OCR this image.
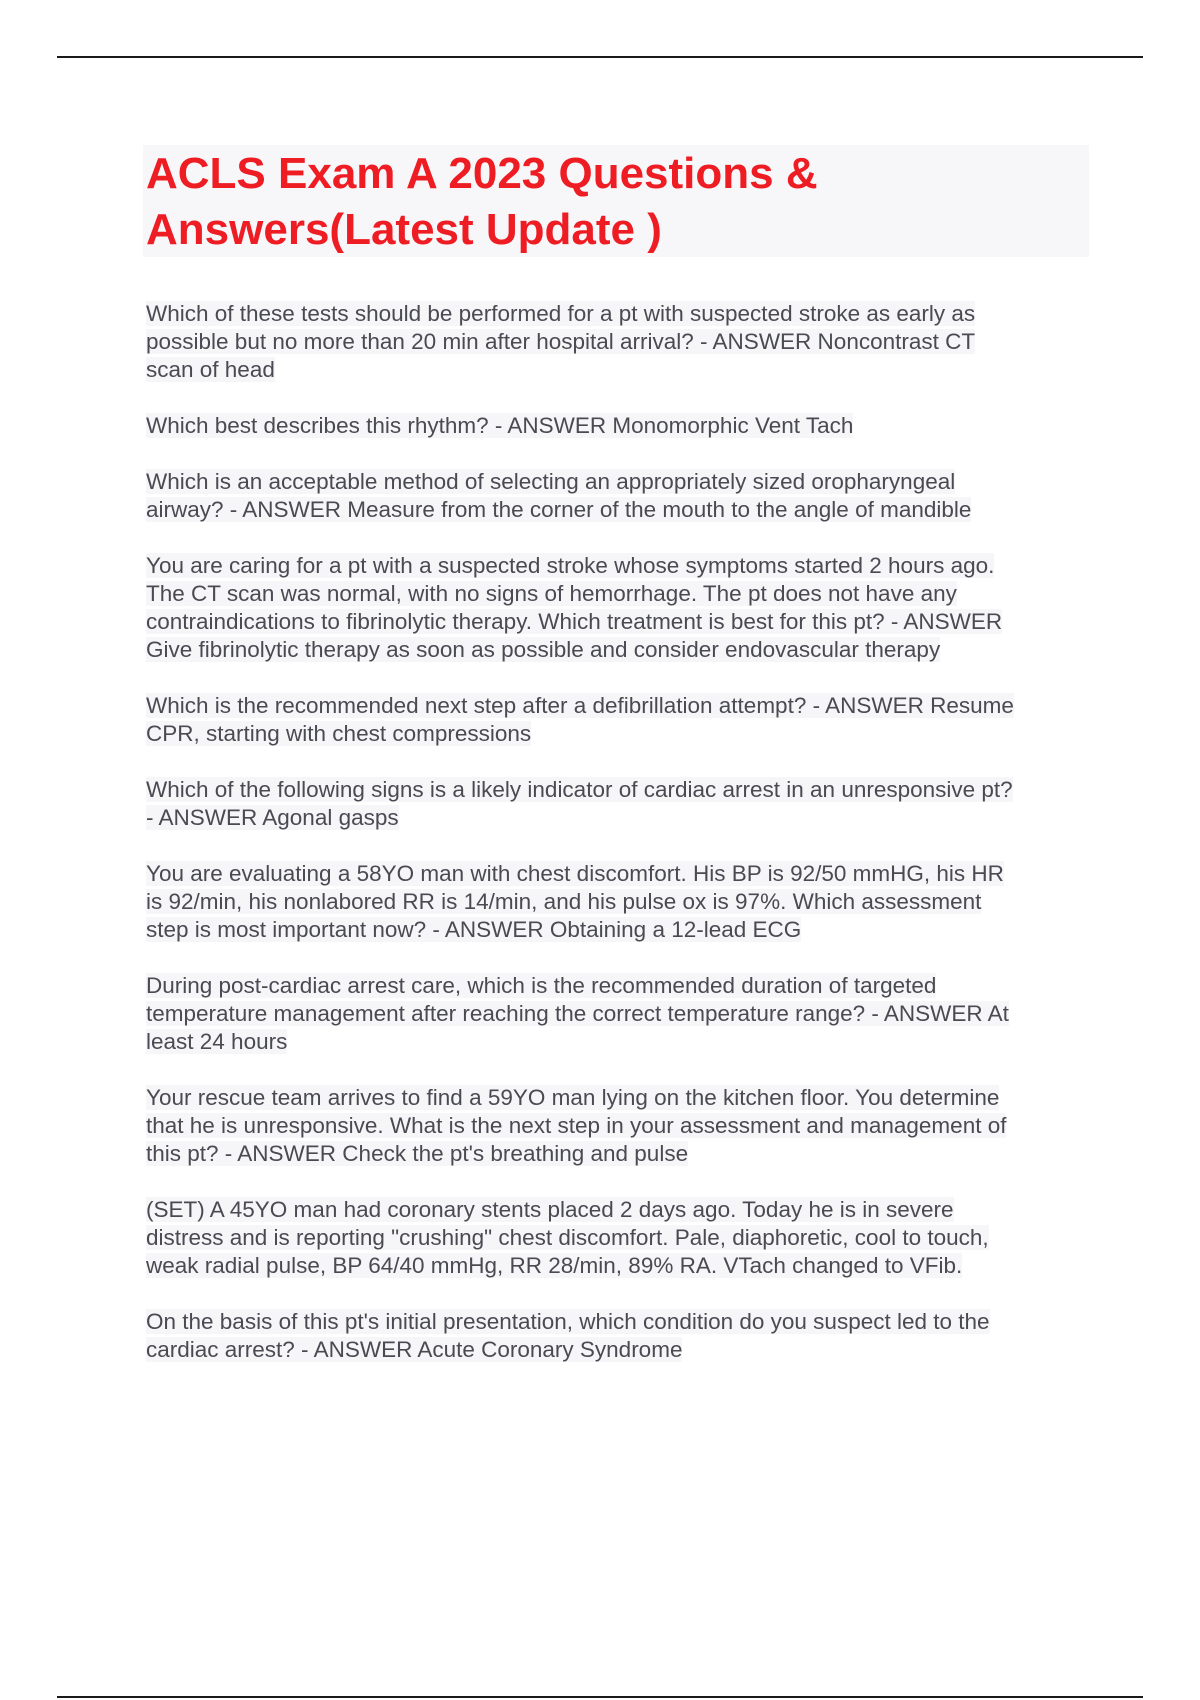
ACLS Exam A 2023 Questions &
Answers(Latest Update )

Which of these tests should be performed for a pt with suspected stroke as early as
possible but no more than 20 min after hospital arrival? - ANSWER Noncontrast CT
scan of head

Which best describes this rhythm? - ANSWER Monomorphic Vent Tach

Which is an acceptable method of selecting an appropriately sized oropharyngeal
airway? - ANSWER Measure from the corner of the mouth to the angle of mandible

You are caring for a pt with a suspected stroke whose symptoms started 2 hours ago.
The CT scan was normal, with no signs of hemorrhage. The pt does not have any
contraindications to fibrinolytic therapy. Which treatment is best for this pt? - ANSWER
Give fibrinolytic therapy as soon as possible and consider endovascular therapy

Which is the recommended next step after a defibrillation attempt? - ANSWER Resume
CPR, starting with chest compressions

Which of the following signs is a likely indicator of cardiac arrest in an unresponsive pt?
- ANSWER Agonal gasps

You are evaluating a 58YO man with chest discomfort. His BP is 92/50 mmHG, his HR
is 92/min, his nonlabored RR is 14/min, and his pulse ox is 97%. Which assessment
step is most important now? - ANSWER Obtaining a 12-lead ECG

During post-cardiac arrest care, which is the recommended duration of targeted
temperature management after reaching the correct temperature range? - ANSWER At
least 24 hours

Your rescue team arrives to find a 59YO man lying on the kitchen floor. You determine
that he is unresponsive. What is the next step in your assessment and management of
this pt? - ANSWER Check the pt's breathing and pulse

(SET) A 45YO man had coronary stents placed 2 days ago. Today he is in severe
distress and is reporting "crushing" chest discomfort. Pale, diaphoretic, cool to touch,
weak radial pulse, BP 64/40 mmHg, RR 28/min, 89% RA. VTach changed to VFib.

On the basis of this pt's initial presentation, which condition do you suspect led to the
cardiac arrest? - ANSWER Acute Coronary Syndrome
